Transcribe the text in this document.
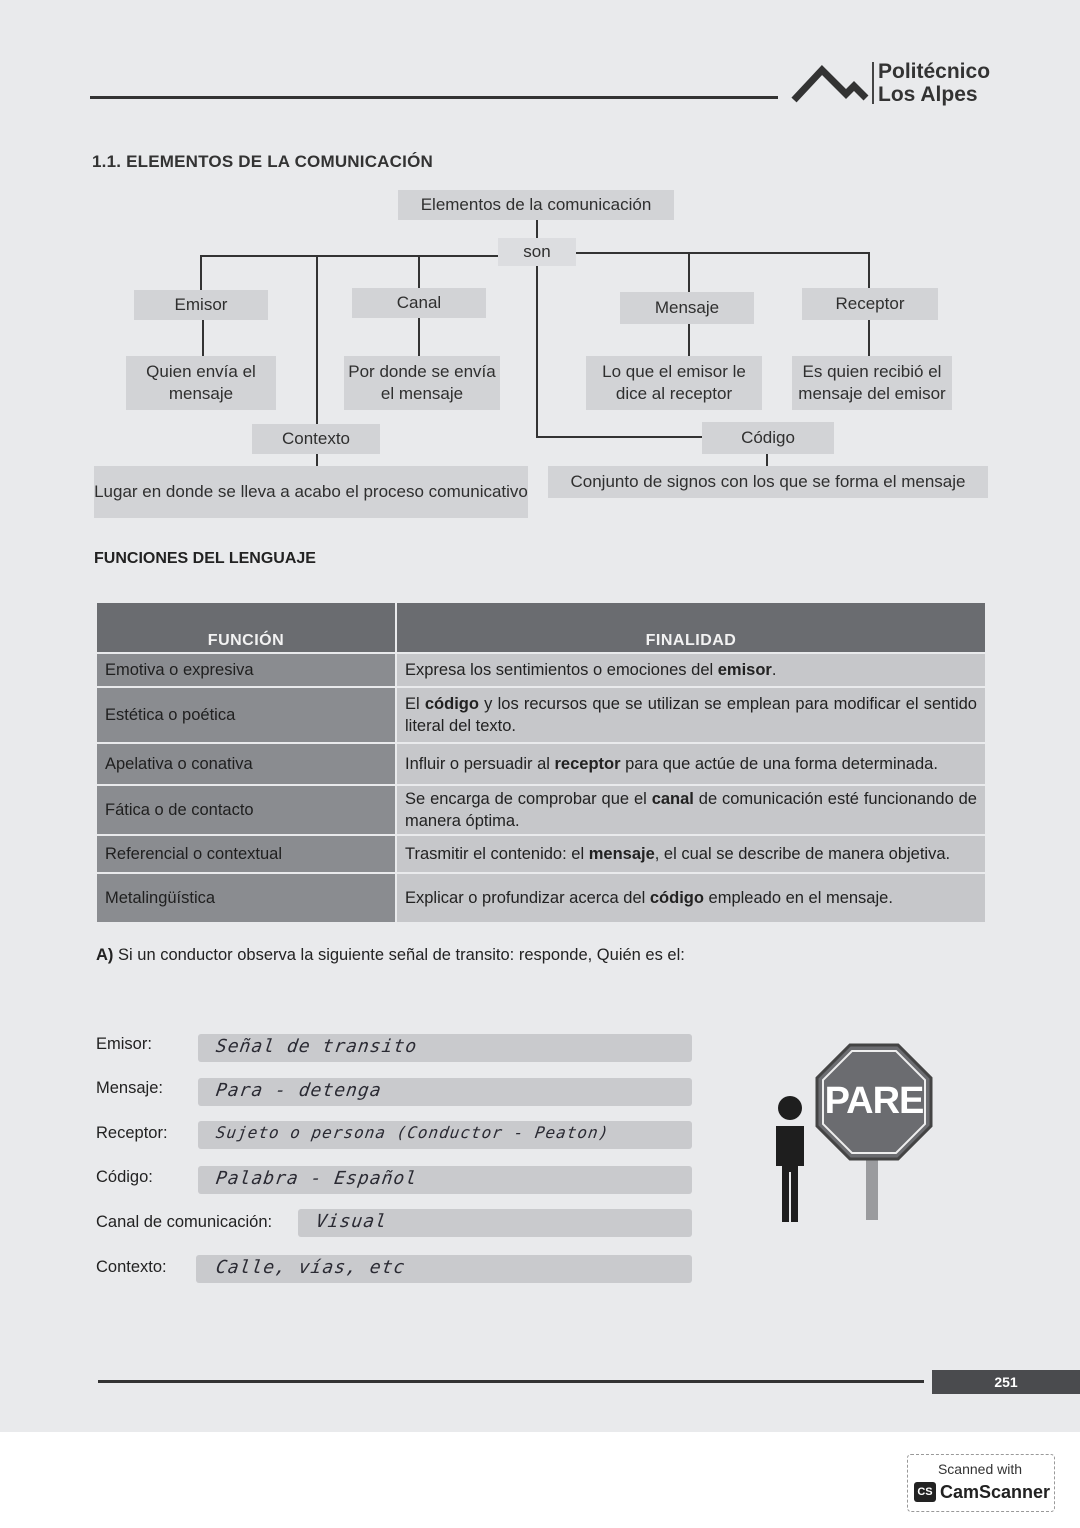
Politécnico
Los Alpes
1.1. ELEMENTOS DE LA COMUNICACIÓN
Elementos de la comunicación
son
Emisor	Canal	Mensaje	Receptor
Quien envía el mensaje
Por donde se envía el mensaje
Lo que el emisor le dice al receptor
Es quien recibió el mensaje del emisor
Contexto	Código
Lugar en donde se lleva a acabo el proceso comunicativo
Conjunto de signos con los que se forma el mensaje
FUNCIONES DEL LENGUAJE
FUNCIÓN	FINALIDAD
Emotiva o expresiva	Expresa los sentimientos o emociones del emisor.
Estética o poética	El código y los recursos que se utilizan se emplean para modificar el sentido literal del texto.
Apelativa o conativa	Influir o persuadir al receptor para que actúe de una forma determinada.
Fática o de contacto	Se encarga de comprobar que el canal de comunicación esté funcionando de manera óptima.
Referencial o contextual	Trasmitir el contenido: el mensaje, el cual se describe de manera objetiva.
Metalingüística	Explicar o profundizar acerca del código empleado en el mensaje.
A) Si un conductor observa la siguiente señal de transito: responde, Quién es el:
Emisor:	Señal de transito
Mensaje:	Para - detenga
Receptor:	Sujeto o persona (Conductor - Peaton)
Código:	Palabra - Español
Canal de comunicación: Visual
Contexto:	Calle, vías, etc
PARE
251
Scanned with
CS CamScanner
